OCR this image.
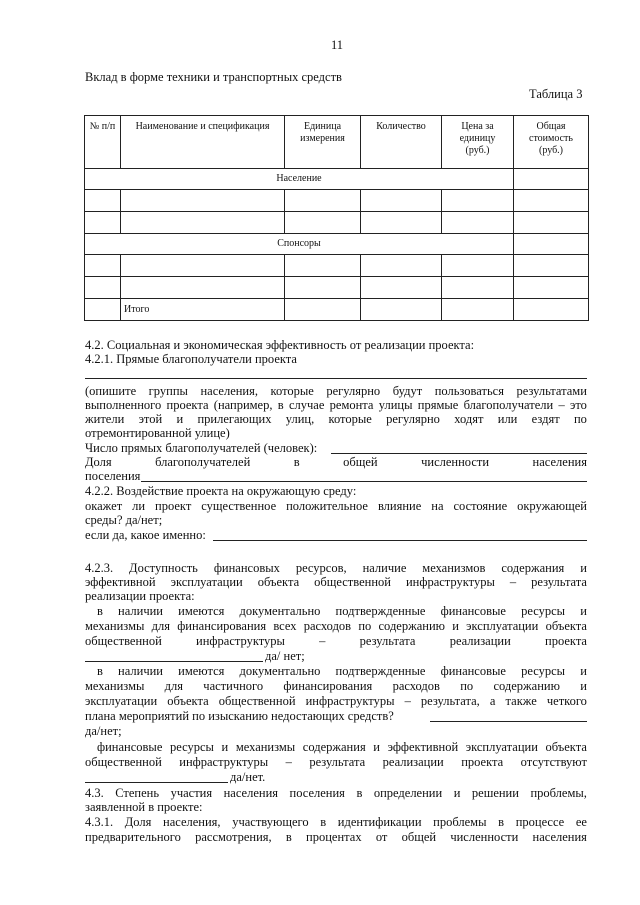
11
Вклад в форме техники и транспортных средств
Таблица 3
№ п/п	Наименование и спецификация	Единица измерения	Количество	Цена за единицу (руб.)	Общая стоимость (руб.)
Население					

Спонсоры					

	Итого				
4.2. Социальная и экономическая эффективность от реализации проекта:
4.2.1. Прямые благополучатели проекта
(опишите группы населения, которые регулярно будут пользоваться результатами
выполненного проекта (например, в случае ремонта улицы прямые благополучатели – это
жители этой и прилегающих улиц, которые регулярно ходят или ездят по
отремонтированной улице)
Число прямых благополучателей (человек):
Доля	благополучателей	в	общей	численности	населения
поселения
4.2.2. Воздействие проекта на окружающую среду:
окажет ли проект существенное положительное влияние на состояние окружающей
среды? да/нет;
если да, какое именно:
4.2.3. Доступность финансовых ресурсов, наличие механизмов содержания и
эффективной эксплуатации объекта общественной инфраструктуры – результата
реализации проекта:
в наличии имеются документально подтвержденные финансовые ресурсы и
механизмы для финансирования всех расходов по содержанию и эксплуатации объекта
общественной	инфраструктуры	–	результата	реализации	проекта
да/ нет;
в наличии имеются документально подтвержденные финансовые ресурсы и
механизмы для частичного финансирования расходов по содержанию и
эксплуатации объекта общественной инфраструктуры – результата, а также четкого
плана мероприятий по изысканию недостающих средств?
да/нет;
финансовые ресурсы и механизмы содержания и эффективной эксплуатации объекта
общественной инфраструктуры – результата реализации проекта отсутствуют
да/нет.
4.3. Степень участия населения поселения в определении и решении проблемы,
заявленной в проекте:
4.3.1. Доля населения, участвующего в идентификации проблемы в процессе ее
предварительного рассмотрения, в процентах от общей численности населения
